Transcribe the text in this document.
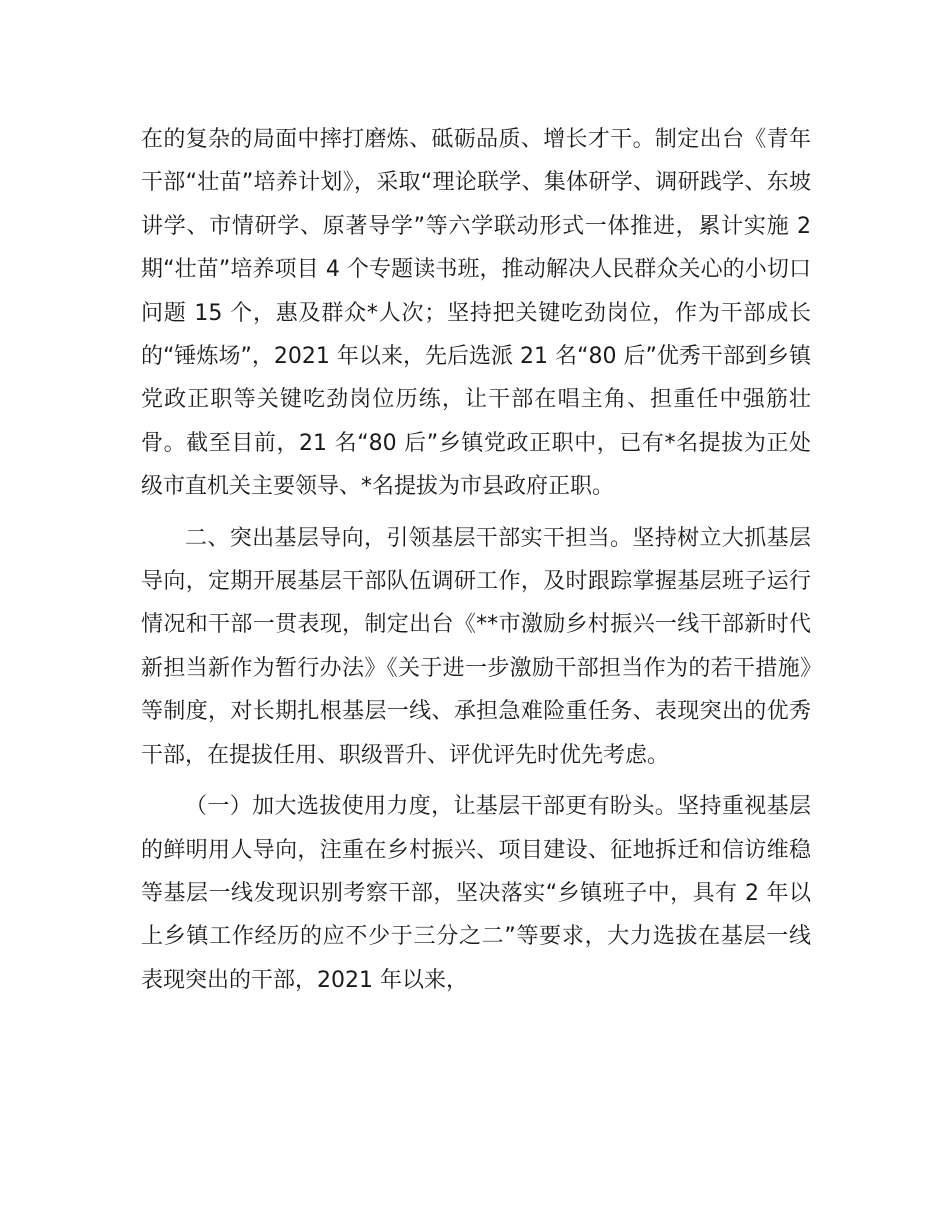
在的复杂的局面中摔打磨炼、砥砺品质、增长才干。制定出台《青年干部“壮苗”培养计划》，采取“理论联学、集体研学、调研践学、东坡讲学、市情研学、原著导学”等六学联动形式一体推进，累计实施 2 期“壮苗”培养项目 4 个专题读书班，推动解决人民群众关心的小切口问题 15 个，惠及群众*人次；坚持把关键吃劲岗位，作为干部成长的“锤炼场”，2021 年以来，先后选派 21 名“80 后”优秀干部到乡镇党政正职等关键吃劲岗位历练，让干部在唱主角、担重任中强筋壮骨。截至目前，21 名“80 后”乡镇党政正职中，已有*名提拔为正处级市直机关主要领导、*名提拔为市县政府正职。

二、突出基层导向，引领基层干部实干担当。坚持树立大抓基层导向，定期开展基层干部队伍调研工作，及时跟踪掌握基层班子运行情况和干部一贯表现，制定出台《**市激励乡村振兴一线干部新时代新担当新作为暂行办法》《关于进一步激励干部担当作为的若干措施》等制度，对长期扎根基层一线、承担急难险重任务、表现突出的优秀干部，在提拔任用、职级晋升、评优评先时优先考虑。

（一）加大选拔使用力度，让基层干部更有盼头。坚持重视基层的鲜明用人导向，注重在乡村振兴、项目建设、征地拆迁和信访维稳等基层一线发现识别考察干部，坚决落实“乡镇班子中，具有 2 年以上乡镇工作经历的应不少于三分之二”等要求，大力选拔在基层一线表现突出的干部，2021 年以来，
